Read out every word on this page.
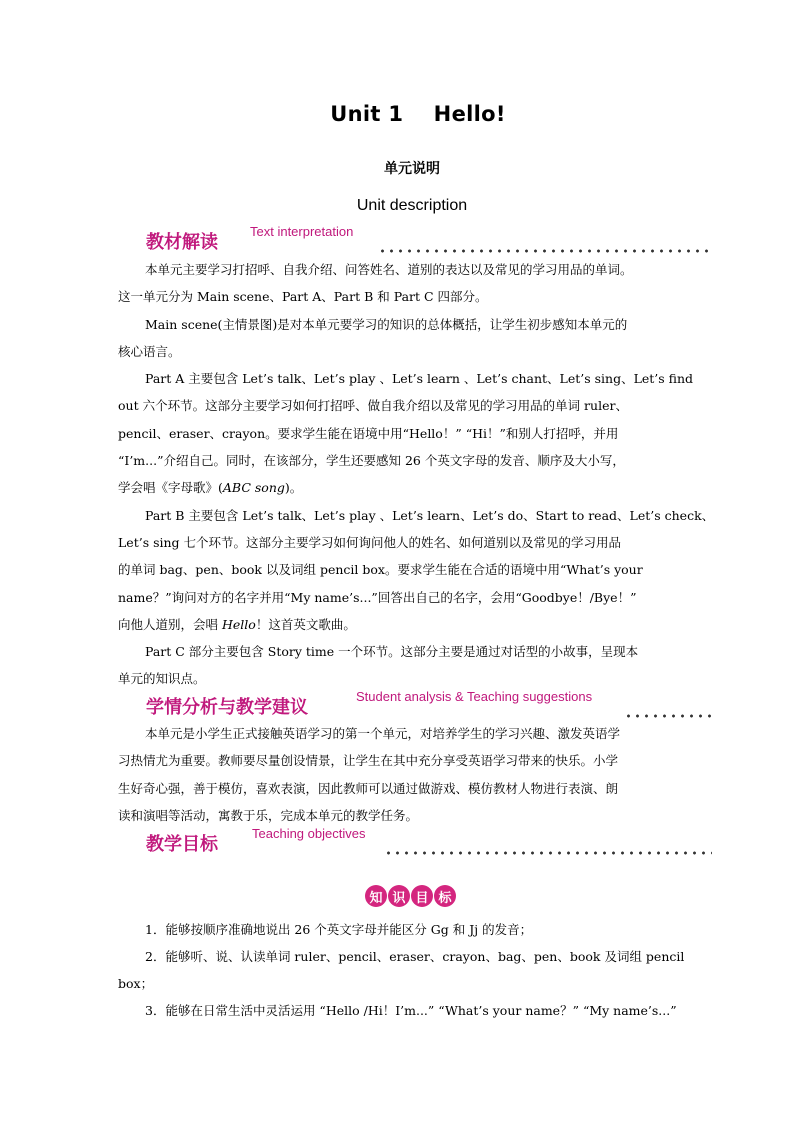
Unit 1    Hello!
单元说明
Unit description
教材解读
Text interpretation
本单元主要学习打招呼、自我介绍、问答姓名、道别的表达以及常见的学习用品的单词。
这一单元分为 Main scene、Part A、Part B 和 Part C 四部分。
Main scene(主情景图)是对本单元要学习的知识的总体概括，让学生初步感知本单元的
核心语言。
Part A 主要包含 Let’s talk、Let’s play 、Let’s learn 、Let’s chant、Let’s sing、Let’s find
out 六个环节。这部分主要学习如何打招呼、做自我介绍以及常见的学习用品的单词 ruler、
pencil、eraser、crayon。要求学生能在语境中用“Hello！” “Hi！”和别人打招呼，并用
“I’m...”介绍自己。同时，在该部分，学生还要感知 26 个英文字母的发音、顺序及大小写，
学会唱《字母歌》(ABC song)。
Part B 主要包含 Let’s talk、Let’s play 、Let’s learn、Let’s do、Start to read、Let’s check、
Let’s sing 七个环节。这部分主要学习如何询问他人的姓名、如何道别以及常见的学习用品
的单词 bag、pen、book 以及词组 pencil box。要求学生能在合适的语境中用“What’s your
name？”询问对方的名字并用“My name’s...”回答出自己的名字，会用“Goodbye！/Bye！”
向他人道别，会唱 Hello！这首英文歌曲。
Part C 部分主要包含 Story time 一个环节。这部分主要是通过对话型的小故事，呈现本
单元的知识点。
学情分析与教学建议
Student analysis & Teaching suggestions
本单元是小学生正式接触英语学习的第一个单元，对培养学生的学习兴趣、激发英语学
习热情尤为重要。教师要尽量创设情景，让学生在其中充分享受英语学习带来的快乐。小学
生好奇心强，善于模仿，喜欢表演，因此教师可以通过做游戏、模仿教材人物进行表演、朗
读和演唱等活动，寓教于乐，完成本单元的教学任务。
教学目标
Teaching objectives
知 识 目 标
1．能够按顺序准确地说出 26 个英文字母并能区分 Gg 和 Jj 的发音；
2．能够听、说、认读单词 ruler、pencil、eraser、crayon、bag、pen、book 及词组 pencil
box；
3．能够在日常生活中灵活运用 “Hello /Hi！I’m...” “What’s your name？” “My name’s...”
